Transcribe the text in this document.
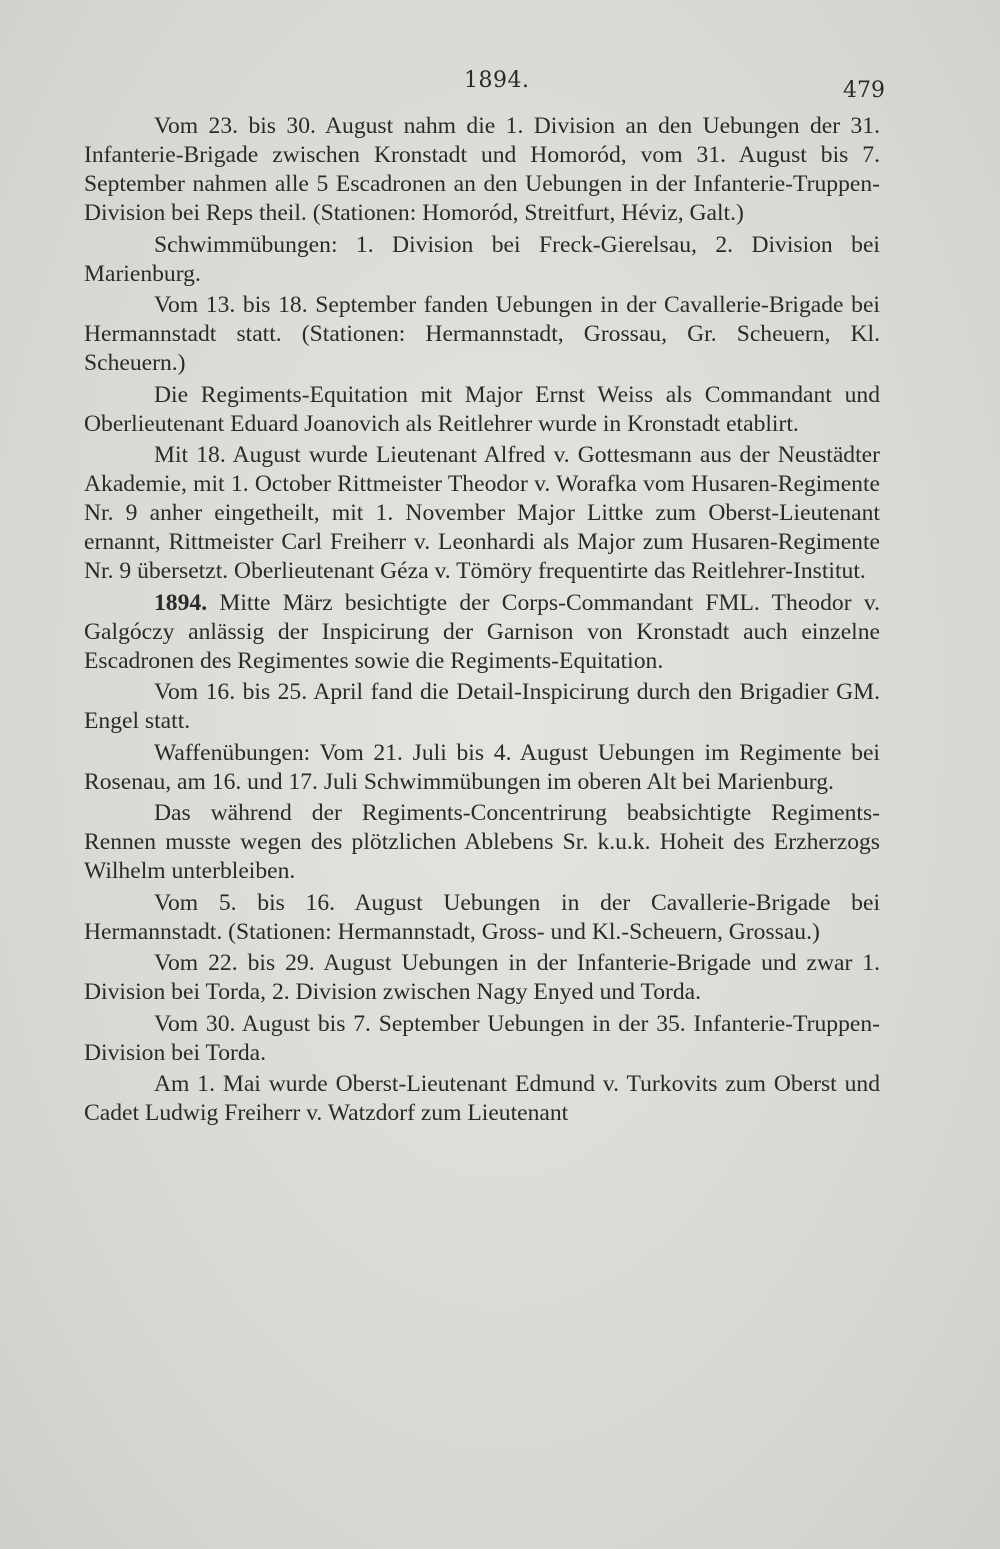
1894.	479

Vom 23. bis 30. August nahm die 1. Division an den Uebungen der 31. Infanterie-Brigade zwischen Kronstadt und Homoród, vom 31. August bis 7. September nahmen alle 5 Escadronen an den Uebungen in der Infanterie-Truppen-Division bei Reps theil. (Stationen: Homoród, Streitfurt, Héviz, Galt.)

Schwimmübungen: 1. Division bei Freck-Gierelsau, 2. Division bei Marienburg.

Vom 13. bis 18. September fanden Uebungen in der Cavallerie-Brigade bei Hermannstadt statt. (Stationen: Hermannstadt, Grossau, Gr. Scheuern, Kl. Scheuern.)

Die Regiments-Equitation mit Major Ernst Weiss als Commandant und Oberlieutenant Eduard Joanovich als Reitlehrer wurde in Kronstadt etablirt.

Mit 18. August wurde Lieutenant Alfred v. Gottesmann aus der Neustädter Akademie, mit 1. October Rittmeister Theodor v. Worafka vom Husaren-Regimente Nr. 9 anher eingetheilt, mit 1. November Major Littke zum Oberst-Lieutenant ernannt, Rittmeister Carl Freiherr v. Leonhardi als Major zum Husaren-Regimente Nr. 9 übersetzt. Oberlieutenant Géza v. Tömöry frequentirte das Reitlehrer-Institut.

1894. Mitte März besichtigte der Corps-Commandant FML. Theodor v. Galgóczy anlässig der Inspicirung der Garnison von Kronstadt auch einzelne Escadronen des Regimentes sowie die Regiments-Equitation.

Vom 16. bis 25. April fand die Detail-Inspicirung durch den Brigadier GM. Engel statt.

Waffenübungen: Vom 21. Juli bis 4. August Uebungen im Regimente bei Rosenau, am 16. und 17. Juli Schwimmübungen im oberen Alt bei Marienburg.

Das während der Regiments-Concentrirung beabsichtigte Regiments-Rennen musste wegen des plötzlichen Ablebens Sr. k.u.k. Hoheit des Erzherzogs Wilhelm unterbleiben.

Vom 5. bis 16. August Uebungen in der Cavallerie-Brigade bei Hermannstadt. (Stationen: Hermannstadt, Gross- und Kl.-Scheuern, Grossau.)

Vom 22. bis 29. August Uebungen in der Infanterie-Brigade und zwar 1. Division bei Torda, 2. Division zwischen Nagy Enyed und Torda.

Vom 30. August bis 7. September Uebungen in der 35. Infanterie-Truppen-Division bei Torda.

Am 1. Mai wurde Oberst-Lieutenant Edmund v. Turkovits zum Oberst und Cadet Ludwig Freiherr v. Watzdorf zum Lieutenant
